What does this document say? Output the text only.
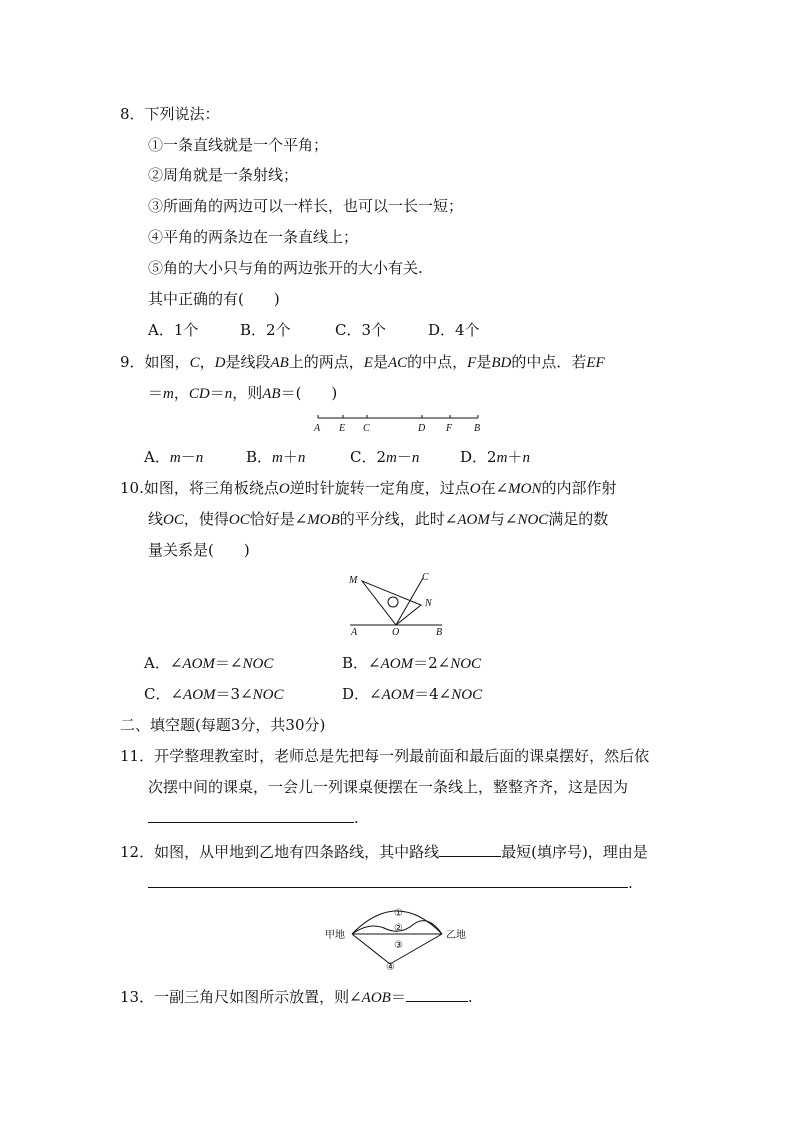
8．下列说法：
①一条直线就是一个平角；
②周角就是一条射线；
③所画角的两边可以一样长，也可以一长一短；
④平角的两条边在一条直线上；
⑤角的大小只与角的两边张开的大小有关.
其中正确的有(　　)
A．1个	B．2个	C．3个	D．4个
9．如图，C，D是线段AB上的两点，E是AC的中点，F是BD的中点．若EF
＝m，CD＝n，则AB＝(　　)
A E C	D F B
A．m－n	B．m＋n	C．2m－n	D．2m＋n
10.如图，将三角板绕点O逆时针旋转一定角度，过点O在∠MON的内部作射
线OC，使得OC恰好是∠MOB的平分线，此时∠AOM与∠NOC满足的数
量关系是(　　)
M	C
N
A	O	B
A．∠AOM＝∠NOC	B．∠AOM＝2∠NOC
C．∠AOM＝3∠NOC	D．∠AOM＝4∠NOC
二、填空题(每题3分，共30分)
11．开学整理教室时，老师总是先把每一列最前面和最后面的课桌摆好，然后依
次摆中间的课桌，一会儿一列课桌便摆在一条线上，整整齐齐，这是因为
.
12．如图，从甲地到乙地有四条路线，其中路线	最短(填序号)，理由是
.
甲地	乙地
①
②
③
④
13．一副三角尺如图所示放置，则∠AOB＝	.
